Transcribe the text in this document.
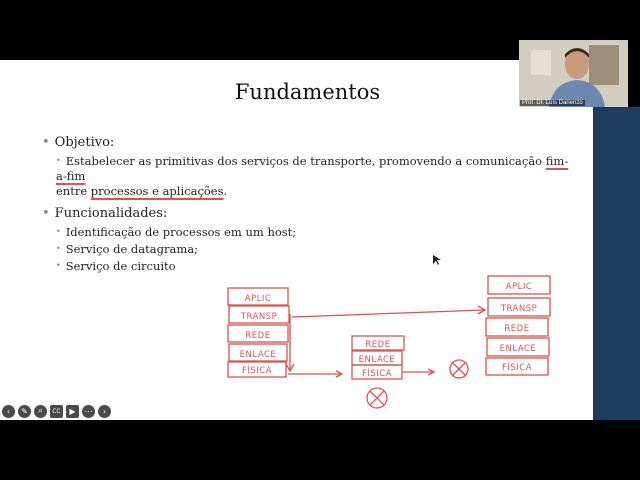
Fundamentos
• Objetivo:
• Estabelecer as primitivas dos serviços de transporte, promovendo a comunicação fim-a-fim
entre processos e aplicações.
• Funcionalidades:
• Identificação de processos em um host;
• Serviço de datagrama;
• Serviço de circuito
APLIC
TRANSP
REDE
ENLACE
FÍSICA
REDE
ENLACE
FÍSICA
APLIC
TRANSP
REDE
ENLACE
FÍSICA
Prof. Dr. Luís Darienzo
‹	✎	⌕	CC	▶	⋯	›
